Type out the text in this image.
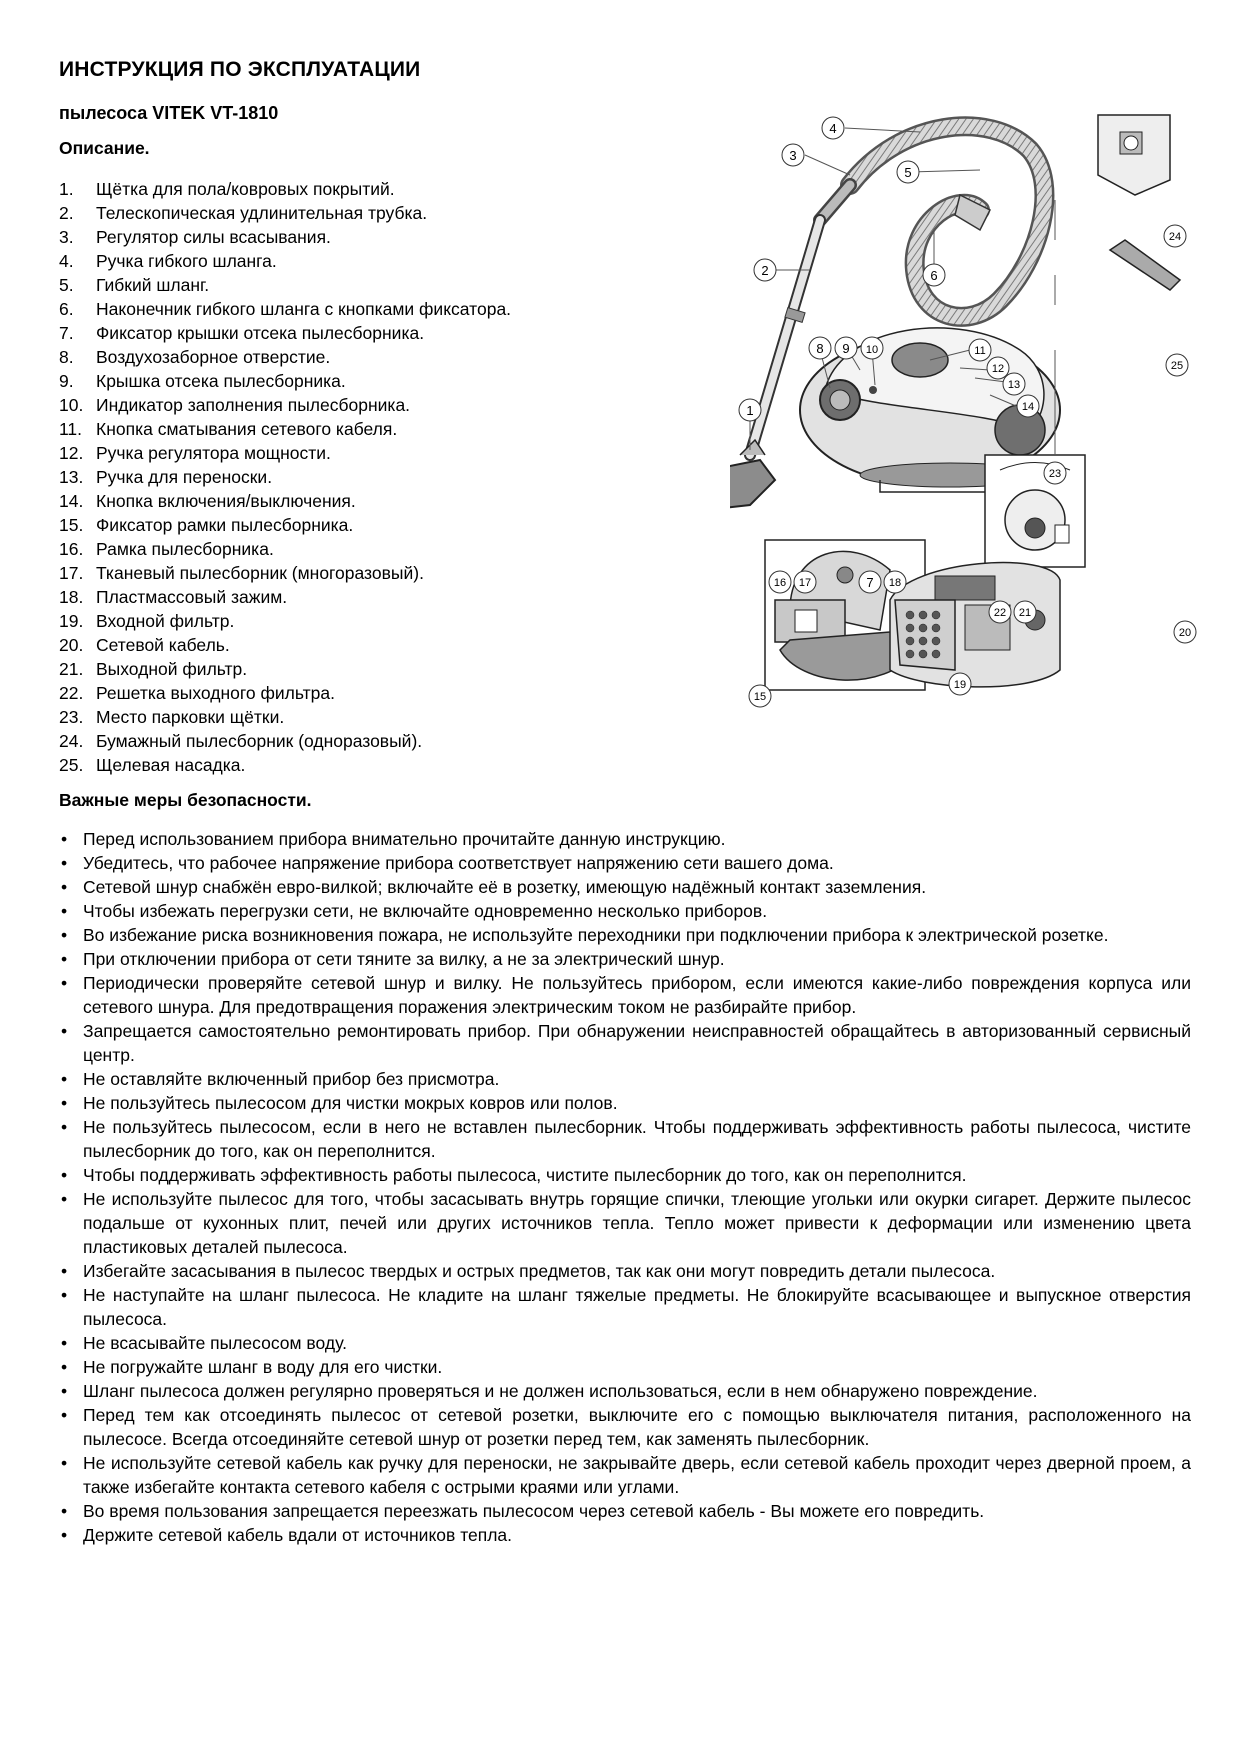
ИНСТРУКЦИЯ ПО ЭКСПЛУАТАЦИИ
пылесоса VITEK VT-1810
Описание.
1. Щётка для пола/ковровых покрытий.
2. Телескопическая удлинительная трубка.
3. Регулятор силы всасывания.
4. Ручка гибкого шланга.
5. Гибкий шланг.
6. Наконечник гибкого шланга с кнопками фиксатора.
7. Фиксатор крышки отсека пылесборника.
8. Воздухозаборное отверстие.
9. Крышка отсека пылесборника.
10. Индикатор заполнения пылесборника.
11. Кнопка сматывания сетевого кабеля.
12. Ручка регулятора мощности.
13. Ручка для переноски.
14. Кнопка включения/выключения.
15. Фиксатор рамки пылесборника.
16. Рамка пылесборника.
17. Тканевый пылесборник (многоразовый).
18. Пластмассовый зажим.
19. Входной фильтр.
20. Сетевой кабель.
21. Выходной фильтр.
22. Решетка выходного фильтра.
23. Место парковки щётки.
24. Бумажный пылесборник (одноразовый).
25. Щелевая насадка.
1
2
3
4
5
6
8 9 10	11
12
13
14
23
24
25
16 17	7 18
15
19
22 21
20
Важные меры безопасности.
• Перед использованием прибора внимательно прочитайте данную инструкцию.
• Убедитесь, что рабочее напряжение прибора соответствует напряжению сети вашего дома.
• Сетевой шнур снабжён евро-вилкой; включайте её в розетку, имеющую надёжный контакт заземления.
• Чтобы избежать перегрузки сети, не включайте одновременно несколько приборов.
• Во избежание риска возникновения пожара, не используйте переходники при подключении прибора к электрической розетке.
• При отключении прибора от сети тяните за вилку, а не за электрический шнур.
• Периодически проверяйте сетевой шнур и вилку. Не пользуйтесь прибором, если имеются какие-либо повреждения корпуса или сетевого шнура. Для предотвращения поражения электрическим током не разбирайте прибор.
• Запрещается самостоятельно ремонтировать прибор. При обнаружении неисправностей обращайтесь в авторизованный сервисный центр.
• Не оставляйте включенный прибор без присмотра.
• Не пользуйтесь пылесосом для чистки мокрых ковров или полов.
• Не пользуйтесь пылесосом, если в него не вставлен пылесборник. Чтобы поддерживать эффективность работы пылесоса, чистите пылесборник до того, как он переполнится.
• Чтобы поддерживать эффективность работы пылесоса, чистите пылесборник до того, как он переполнится.
• Не используйте пылесос для того, чтобы засасывать внутрь горящие спички, тлеющие угольки или окурки сигарет. Держите пылесос подальше от кухонных плит, печей или других источников тепла. Тепло может привести к деформации или изменению цвета пластиковых деталей пылесоса.
• Избегайте засасывания в пылесос твердых и острых предметов, так как они могут повредить детали пылесоса.
• Не наступайте на шланг пылесоса. Не кладите на шланг тяжелые предметы. Не блокируйте всасывающее и выпускное отверстия пылесоса.
• Не всасывайте пылесосом воду.
• Не погружайте шланг в воду для его чистки.
• Шланг пылесоса должен регулярно проверяться и не должен использоваться, если в нем обнаружено повреждение.
• Перед тем как отсоединять пылесос от сетевой розетки, выключите его с помощью выключателя питания, расположенного на пылесосе. Всегда отсоединяйте сетевой шнур от розетки перед тем, как заменять пылесборник.
• Не используйте сетевой кабель как ручку для переноски, не закрывайте дверь, если сетевой кабель проходит через дверной проем, а также избегайте контакта сетевого кабеля с острыми краями или углами.
• Во время пользования запрещается переезжать пылесосом через сетевой кабель - Вы можете его повредить.
• Держите сетевой кабель вдали от источников тепла.
